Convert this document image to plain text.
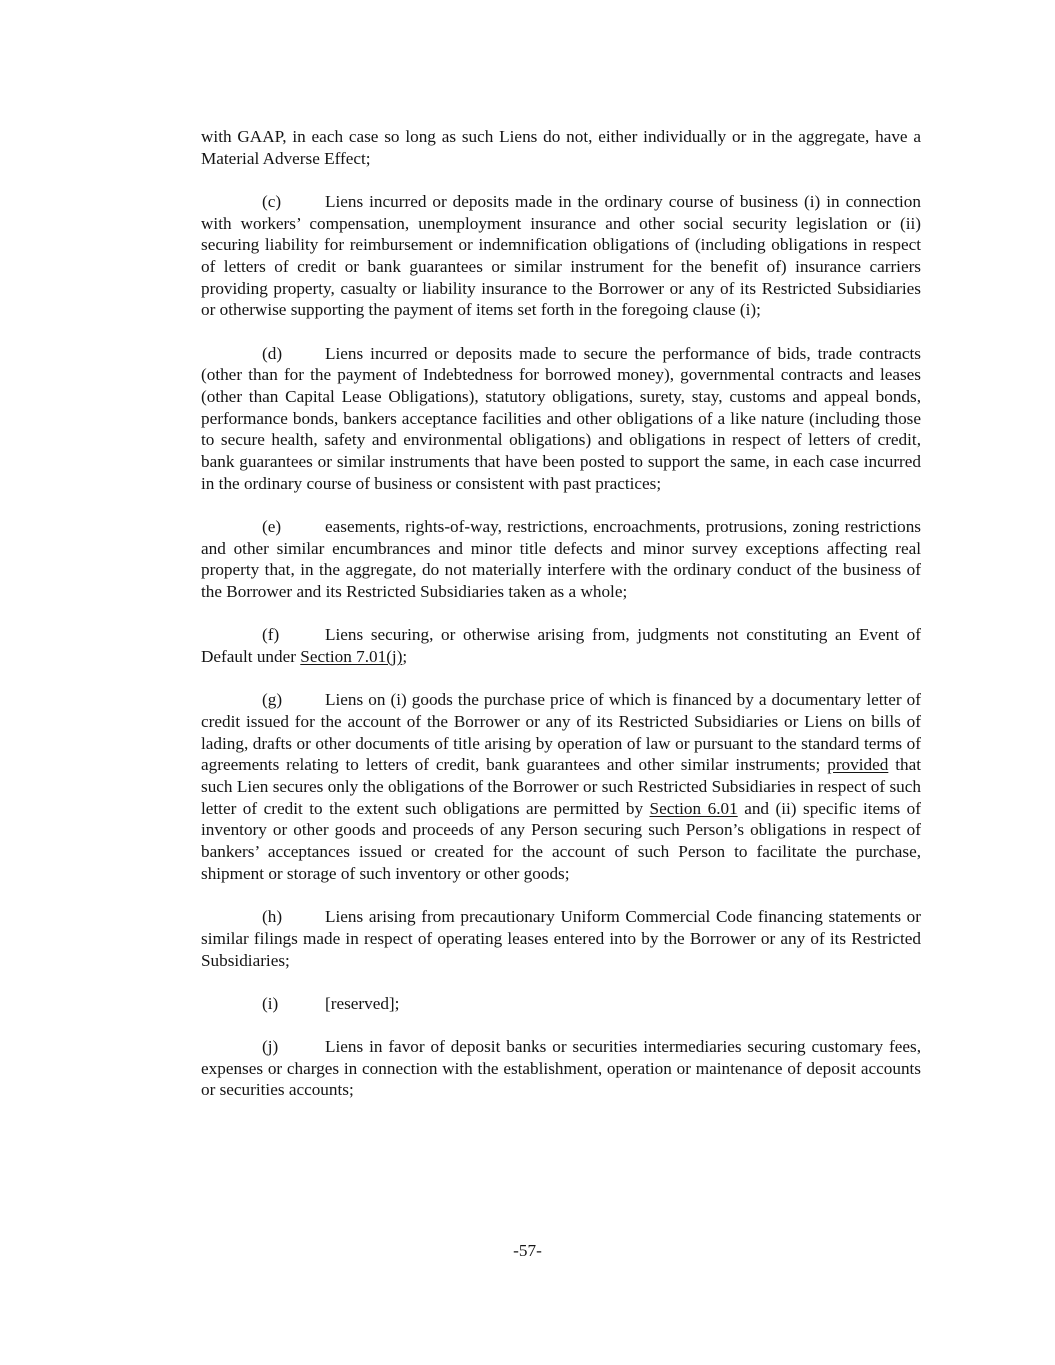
with GAAP, in each case so long as such Liens do not, either individually or in the aggregate, have a Material Adverse Effect;

(c)	Liens incurred or deposits made in the ordinary course of business (i) in connection with workers’ compensation, unemployment insurance and other social security legislation or (ii) securing liability for reimbursement or indemnification obligations of (including obligations in respect of letters of credit or bank guarantees or similar instrument for the benefit of) insurance carriers providing property, casualty or liability insurance to the Borrower or any of its Restricted Subsidiaries or otherwise supporting the payment of items set forth in the foregoing clause (i);

(d) Liens incurred or deposits made to secure the performance of bids, trade contracts (other than for the payment of Indebtedness for borrowed money), governmental contracts and leases (other than Capital Lease Obligations), statutory obligations, surety, stay, customs and appeal bonds, performance bonds, bankers acceptance facilities and other obligations of a like nature (including those to secure health, safety and environmental obligations) and obligations in respect of letters of credit, bank guarantees or similar instruments that have been posted to support the same, in each case incurred in the ordinary course of business or consistent with past practices;

(e)	easements, rights-of-way, restrictions, encroachments, protrusions, zoning restrictions and other similar encumbrances and minor title defects and minor survey exceptions affecting real property that, in the aggregate, do not materially interfere with the ordinary conduct of the business of the Borrower and its Restricted Subsidiaries taken as a whole;

(f)	Liens securing, or otherwise arising from, judgments not constituting an Event of Default under Section 7.01(j);

(g) Liens on (i) goods the purchase price of which is financed by a documentary letter of credit issued for the account of the Borrower or any of its Restricted Subsidiaries or Liens on bills of lading, drafts or other documents of title arising by operation of law or pursuant to the standard terms of agreements relating to letters of credit, bank guarantees and other similar instruments; provided that such Lien secures only the obligations of the Borrower or such Restricted Subsidiaries in respect of such letter of credit to the extent such obligations are permitted by Section 6.01 and (ii) specific items of inventory or other goods and proceeds of any Person securing such Person’s obligations in respect of bankers’ acceptances issued or created for the account of such Person to facilitate the purchase, shipment or storage of such inventory or other goods;

(h) Liens arising from precautionary Uniform Commercial Code financing statements or similar filings made in respect of operating leases entered into by the Borrower or any of its Restricted Subsidiaries;

(i)	[reserved];

(j)	Liens in favor of deposit banks or securities intermediaries securing customary fees, expenses or charges in connection with the establishment, operation or maintenance of deposit accounts or securities accounts;

-57-
